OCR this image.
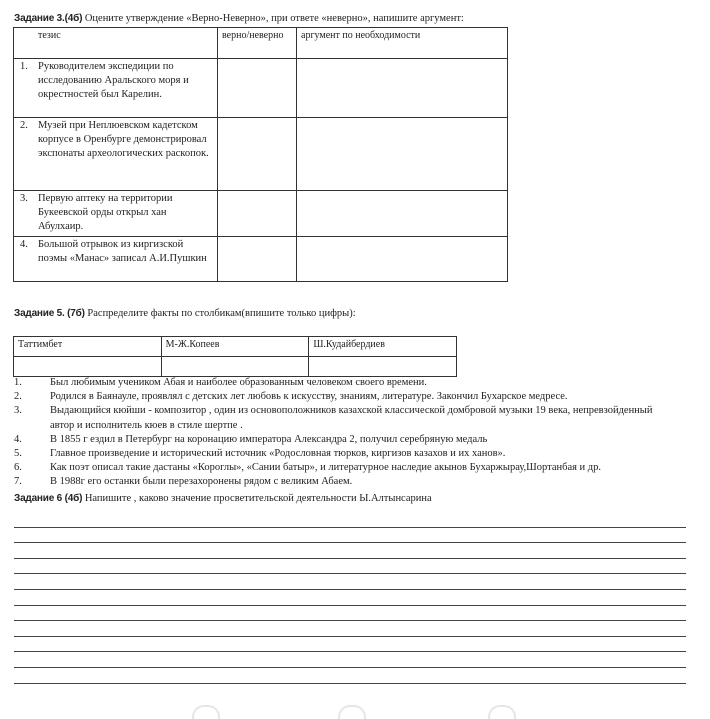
Задание 3.(4б) Оцените утверждение «Верно-Неверно», при ответе «неверно», напишите аргумент:
тезис	верно/неверно	аргумент по необходимости

1. Руководителем экспедиции по исследованию Аральского моря и окрестностей был Карелин.		

2. Музей при Неплюевском кадетском корпусе в Оренбурге демонстрировал экспонаты археологических раскопок.		

3. Первую аптеку на территории Букеевской орды открыл хан Абулхаир.		

4. Большой отрывок из киргизской поэмы «Манас» записал А.И.Пушкин		

Задание 5. (7б) Распределите факты по столбикам(впишите только цифры):
Таттимбет	М-Ж.Копеев	Ш.Кудайбердиев

1.	Был любимым учеником Абая и наиболее образованным человеком своего времени.
2.	Родился в Баянауле, проявлял с детских лет любовь к искусству, знаниям, литературе. Закончил Бухарское медресе.
3.	Выдающийся кюйши - композитор , один из основоположников казахской классической домбровой музыки 19 века, непревзойденный автор и исполнитель кюев в стиле шертпе .
4.	В 1855 г ездил в Петербург на коронацию императора Александра 2, получил серебряную медаль
5.	Главное произведение и исторический источник «Родословная тюрков, киргизов казахов и их ханов».
6.	Как поэт описал такие дастаны «Короглы», «Сании батыр», и литературное наследие акынов Бухаржырау,Шортанбая и др.
7.	В 1988г его останки были перезахоронены рядом с великим Абаем.
Задание 6 (4б) Напишите , каково значение просветительской деятельности Ы.Алтынсарина
